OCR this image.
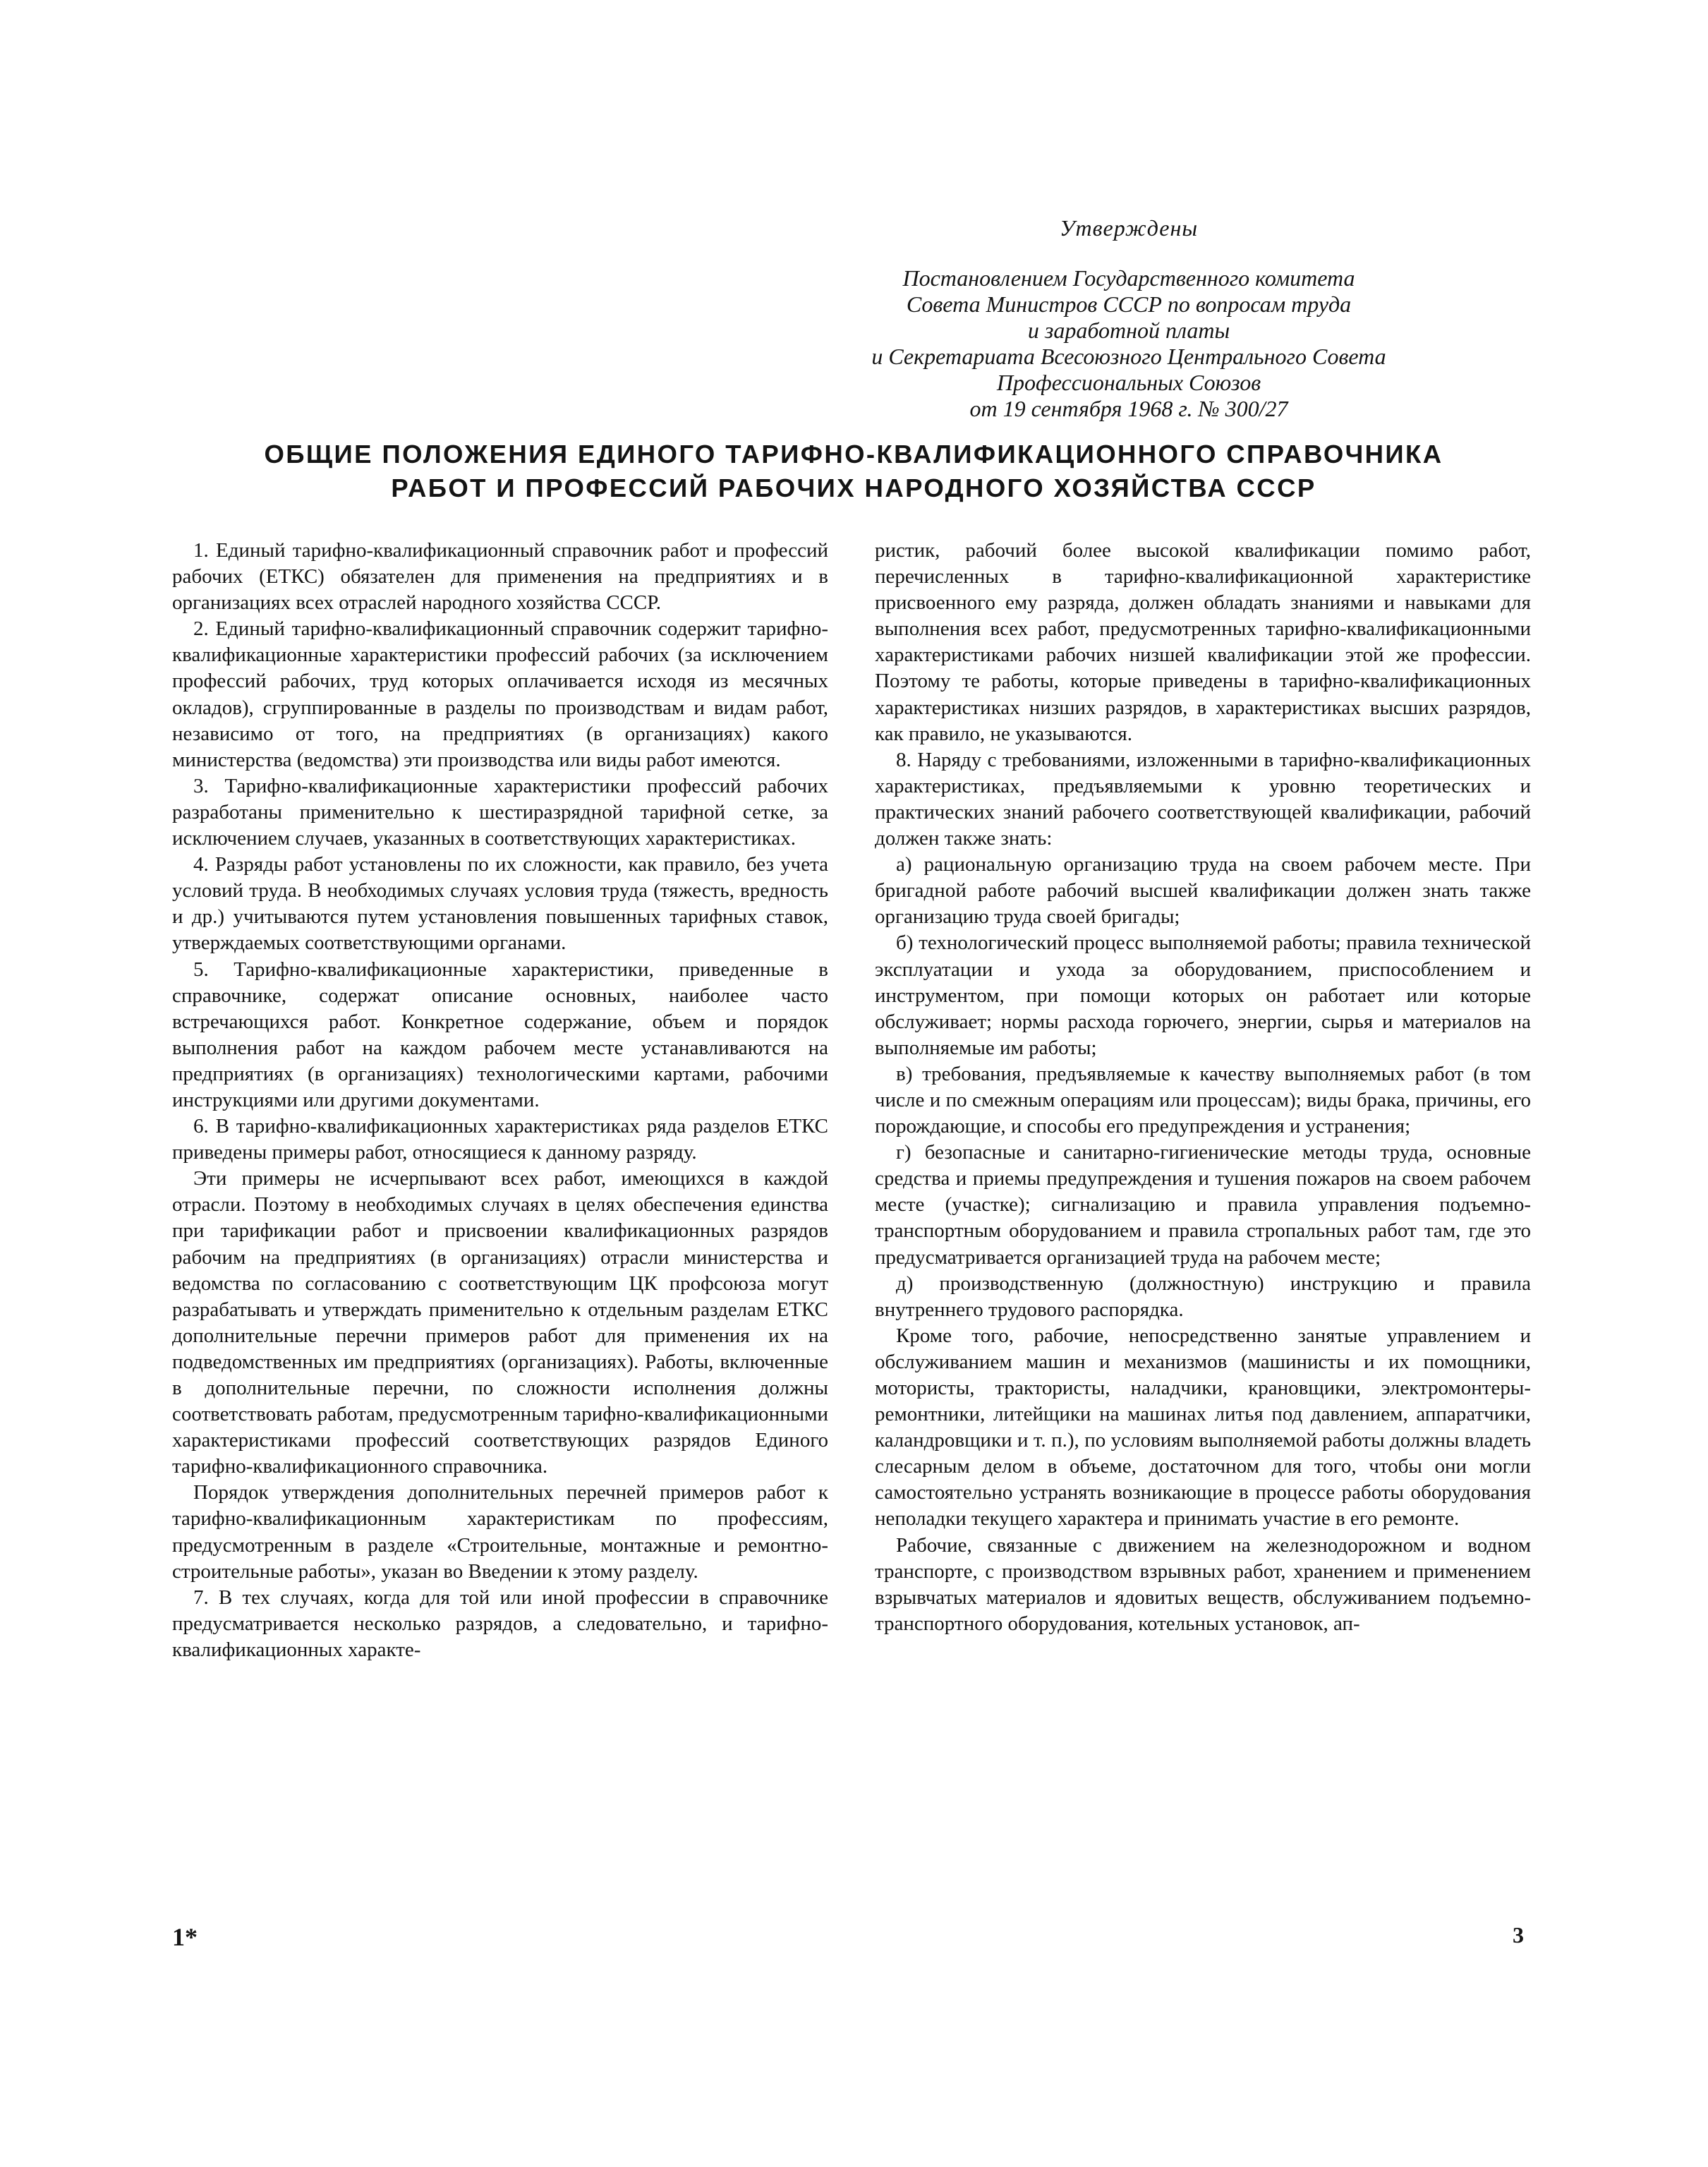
Утверждены
Постановлением Государственного комитета
Совета Министров СССР по вопросам труда
и заработной платы
и Секретариата Всесоюзного Центрального Совета
Профессиональных Союзов
от 19 сентября 1968 г. № 300/27
ОБЩИЕ ПОЛОЖЕНИЯ ЕДИНОГО ТАРИФНО-КВАЛИФИКАЦИОННОГО СПРАВОЧНИКА
РАБОТ И ПРОФЕССИЙ РАБОЧИХ НАРОДНОГО ХОЗЯЙСТВА СССР

1. Единый тарифно-квалификационный справочник работ и профессий рабочих (ЕТКС) обязателен для применения на предприятиях и в организациях всех отраслей народного хозяйства СССР.

2. Единый тарифно-квалификационный справочник содержит тарифно-квалификационные характеристики профессий рабочих (за исключением профессий рабочих, труд которых оплачивается исходя из месячных окладов), сгруппированные в разделы по производствам и видам работ, независимо от того, на предприятиях (в организациях) какого министерства (ведомства) эти производства или виды работ имеются.

3. Тарифно-квалификационные характеристики профессий рабочих разработаны применительно к шестиразрядной тарифной сетке, за исключением случаев, указанных в соответствующих характеристиках.

4. Разряды работ установлены по их сложности, как правило, без учета условий труда. В необходимых случаях условия труда (тяжесть, вредность и др.) учитываются путем установления повышенных тарифных ставок, утверждаемых соответствующими органами.

5. Тарифно-квалификационные характеристики, приведенные в справочнике, содержат описание основных, наиболее часто встречающихся работ. Конкретное содержание, объем и порядок выполнения работ на каждом рабочем месте устанавливаются на предприятиях (в организациях) технологическими картами, рабочими инструкциями или другими документами.

6. В тарифно-квалификационных характеристиках ряда разделов ЕТКС приведены примеры работ, относящиеся к данному разряду.

Эти примеры не исчерпывают всех работ, имеющихся в каждой отрасли. Поэтому в необходимых случаях в целях обеспечения единства при тарификации работ и присвоении квалификационных разрядов рабочим на предприятиях (в организациях) отрасли министерства и ведомства по согласованию с соответствующим ЦК профсоюза могут разрабатывать и утверждать применительно к отдельным разделам ЕТКС дополнительные перечни примеров работ для применения их на подведомственных им предприятиях (организациях). Работы, включенные в дополнительные перечни, по сложности исполнения должны соответствовать работам, предусмотренным тарифно-квалификационными характеристиками профессий соответствующих разрядов Единого тарифно-квалификационного справочника.

Порядок утверждения дополнительных перечней примеров работ к тарифно-квалификационным характеристикам по профессиям, предусмотренным в разделе «Строительные, монтажные и ремонтно-строительные работы», указан во Введении к этому разделу.

7. В тех случаях, когда для той или иной профессии в справочнике предусматривается несколько разрядов, а следовательно, и тарифно-квалификационных характе-

ристик, рабочий более высокой квалификации помимо работ, перечисленных в тарифно-квалификационной характеристике присвоенного ему разряда, должен обладать знаниями и навыками для выполнения всех работ, предусмотренных тарифно-квалификационными характеристиками рабочих низшей квалификации этой же профессии. Поэтому те работы, которые приведены в тарифно-квалификационных характеристиках низших разрядов, в характеристиках высших разрядов, как правило, не указываются.

8. Наряду с требованиями, изложенными в тарифно-квалификационных характеристиках, предъявляемыми к уровню теоретических и практических знаний рабочего соответствующей квалификации, рабочий должен также знать:

а) рациональную организацию труда на своем рабочем месте. При бригадной работе рабочий высшей квалификации должен знать также организацию труда своей бригады;

б) технологический процесс выполняемой работы; правила технической эксплуатации и ухода за оборудованием, приспособлением и инструментом, при помощи которых он работает или которые обслуживает; нормы расхода горючего, энергии, сырья и материалов на выполняемые им работы;

в) требования, предъявляемые к качеству выполняемых работ (в том числе и по смежным операциям или процессам); виды брака, причины, его порождающие, и способы его предупреждения и устранения;

г) безопасные и санитарно-гигиенические методы труда, основные средства и приемы предупреждения и тушения пожаров на своем рабочем месте (участке); сигнализацию и правила управления подъемно-транспортным оборудованием и правила стропальных работ там, где это предусматривается организацией труда на рабочем месте;

д) производственную (должностную) инструкцию и правила внутреннего трудового распорядка.

Кроме того, рабочие, непосредственно занятые управлением и обслуживанием машин и механизмов (машинисты и их помощники, мотористы, трактористы, наладчики, крановщики, электромонтеры-ремонтники, литейщики на машинах литья под давлением, аппаратчики, каландровщики и т. п.), по условиям выполняемой работы должны владеть слесарным делом в объеме, достаточном для того, чтобы они могли самостоятельно устранять возникающие в процессе работы оборудования неполадки текущего характера и принимать участие в его ремонте.

Рабочие, связанные с движением на железнодорожном и водном транспорте, с производством взрывных работ, хранением и применением взрывчатых материалов и ядовитых веществ, обслуживанием подъемно-транспортного оборудования, котельных установок, ап-

1*	3
